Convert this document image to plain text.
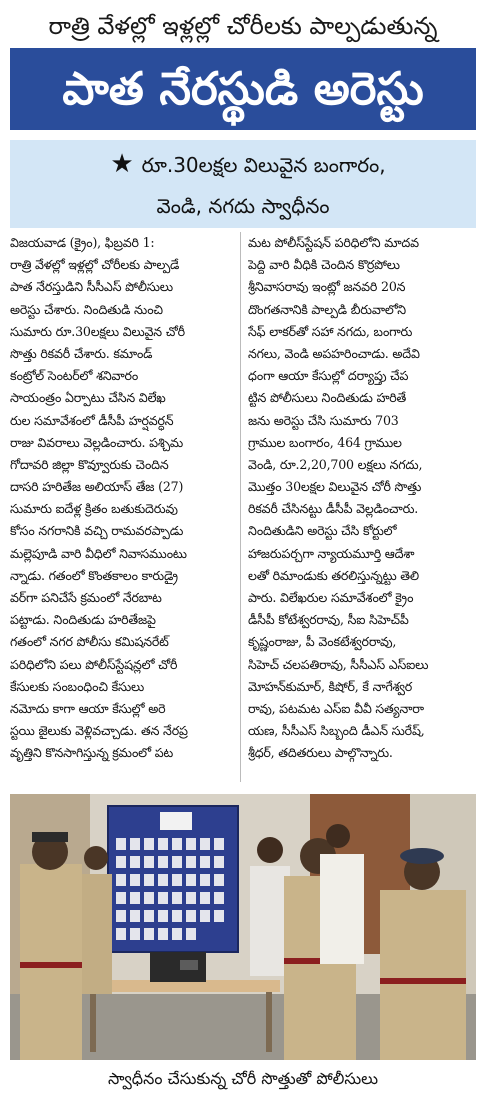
రాత్రి వేళల్లో ఇళ్లల్లో చోరీలకు పాల్పడుతున్న
పాత నేరస్థుడి అరెస్టు
★ రూ.30లక్షల విలువైన బంగారం,
వెండి, నగదు స్వాధీనం
విజయవాడ (క్రైం), ఫిబ్రవరి 1:
రాత్రి వేళల్లో ఇళ్లల్లో చోరీలకు పాల్పడే
పాత నేరస్తుడిని సీసీఎస్ పోలీసులు
అరెస్టు చేశారు. నిందితుడి నుంచి
సుమారు రూ.30లక్షలు విలువైన చోరీ
సొత్తు రికవరీ చేశారు. కమాండ్
కంట్రోల్ సెంటర్‌లో శనివారం
సాయంత్రం ఏర్పాటు చేసిన విలేఖ
రుల సమావేశంలో డీసీపీ హర్షవర్ధన్
రాజు వివరాలు వెల్లడించారు. పశ్చిమ
గోదావరి జిల్లా కొవ్వూరుకు చెందిన
దాసరి హరితేజ అలియాస్ తేజ (27)
సుమారు ఐదేళ్ల క్రితం బతుకుదెరువు
కోసం నగరానికి వచ్చి రామవరప్పాడు
మల్లెపూడి వారి వీధిలో నివాసముంటు
న్నాడు. గతంలో కొంతకాలం కారుడ్రై
వర్‌గా పనిచేసే క్రమంలో నేరబాట
పట్టాడు. నిందితుడు హరితేజపై
గతంలో నగర పోలీసు కమిషనరేట్
పరిధిలోని పలు పోలీస్‌స్టేషన్లలో చోరీ
కేసులకు సంబంధించి కేసులు
నమోదు కాగా ఆయా కేసుల్లో అరె
స్టయి జైలుకు వెళ్లివచ్చాడు. తన నేరప్ర
వృత్తిని కొనసాగిస్తున్న క్రమంలో పట
మట పోలీస్‌స్టేషన్ పరిధిలోని మాదవ
పెద్ది వారి వీధికి చెందిన కొర్రపోలు
శ్రీనివాసరావు ఇంట్లో జనవరి 20న
దొంగతనానికి పాల్పడి బీరువాలోని
సేఫ్ లాకర్‌తో సహా నగదు, బంగారు
నగలు, వెండి అపహరించాడు. అదేవి
ధంగా ఆయా కేసుల్లో దర్యాప్తు చేప
ట్టిన పోలీసులు నిందితుడు హరితే
జను అరెస్టు చేసి సుమారు 703
గ్రాముల బంగారం, 464 గ్రాముల
వెండి, రూ.2,20,700 లక్షలు నగదు,
మొత్తం 30లక్షల విలువైన చోరీ సొత్తు
రికవరీ చేసినట్టు డీసీపీ వెల్లడించారు.
నిందితుడిని అరెస్టు చేసి కోర్టులో
హాజరుపర్చగా న్యాయమూర్తి ఆదేశా
లతో రిమాండుకు తరలిస్తున్నట్టు తెలి
పారు. విలేఖరుల సమావేశంలో క్రైం
డీసీపీ కోటేశ్వరరావు, సీఐ సిహెచ్‌పీ
కృష్ణంరాజు, పీ వెంకటేశ్వరరావు,
సిహెచ్ చలపతిరావు, సీసీఎస్ ఎస్ఐలు
మోహన్‌కుమార్, కిషోర్, కే నాగేశ్వర
రావు, పటమట ఎస్ఐ వీవీ సత్యనారా
యణ, సీసీఎస్ సిబ్బంది డీఎన్ సురేష్,
శ్రీధర్, తదితరులు పాల్గొన్నారు.
స్వాధీనం చేసుకున్న చోరీ సొత్తుతో పోలీసులు
